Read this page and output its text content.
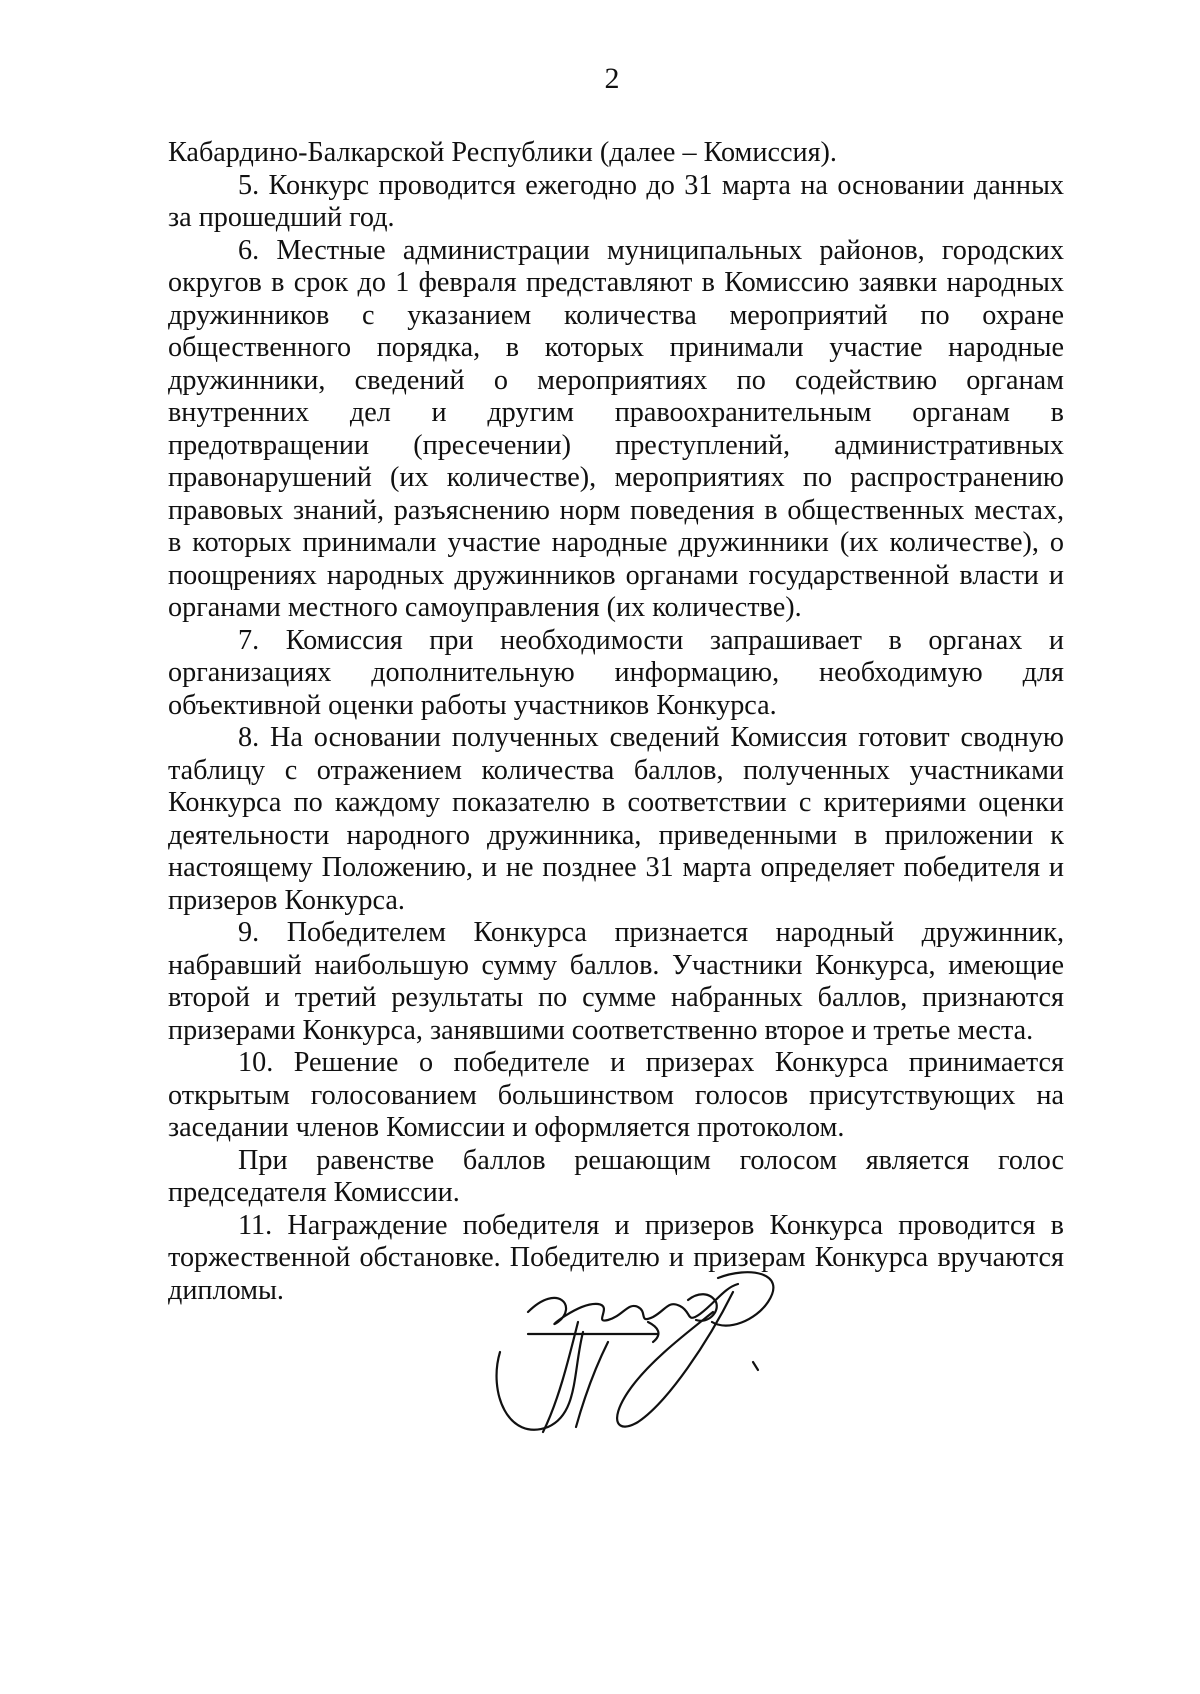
2

Кабардино-Балкарской Республики (далее – Комиссия).

5. Конкурс проводится ежегодно до 31 марта на основании данных за прошедший год.

6. Местные администрации муниципальных районов, городских округов в срок до 1 февраля представляют в Комиссию заявки народных дружинников с указанием количества мероприятий по охране общественного порядка, в которых принимали участие народные дружинники, сведений о мероприятиях по содействию органам внутренних дел и другим правоохранительным органам в предотвращении (пресечении) преступлений, административных правонарушений (их количестве), мероприятиях по распространению правовых знаний, разъяснению норм поведения в общественных местах, в которых принимали участие народные дружинники (их количестве), о поощрениях народных дружинников органами государственной власти и органами местного самоуправления (их количестве).

7. Комиссия при необходимости запрашивает в органах и организациях дополнительную информацию, необходимую для объективной оценки работы участников Конкурса.

8. На основании полученных сведений Комиссия готовит сводную таблицу с отражением количества баллов, полученных участниками Конкурса по каждому показателю в соответствии с критериями оценки деятельности народного дружинника, приведенными в приложении к настоящему Положению, и не позднее 31 марта определяет победителя и призеров Конкурса.

9. Победителем Конкурса признается народный дружинник, набравший наибольшую сумму баллов. Участники Конкурса, имеющие второй и третий результаты по сумме набранных баллов, признаются призерами Конкурса, занявшими соответственно второе и третье места.

10. Решение о победителе и призерах Конкурса принимается открытым голосованием большинством голосов присутствующих на заседании членов Комиссии и оформляется протоколом.

При равенстве баллов решающим голосом является голос председателя Комиссии.

11. Награждение победителя и призеров Конкурса проводится в торжественной обстановке. Победителю и призерам Конкурса вручаются дипломы.
